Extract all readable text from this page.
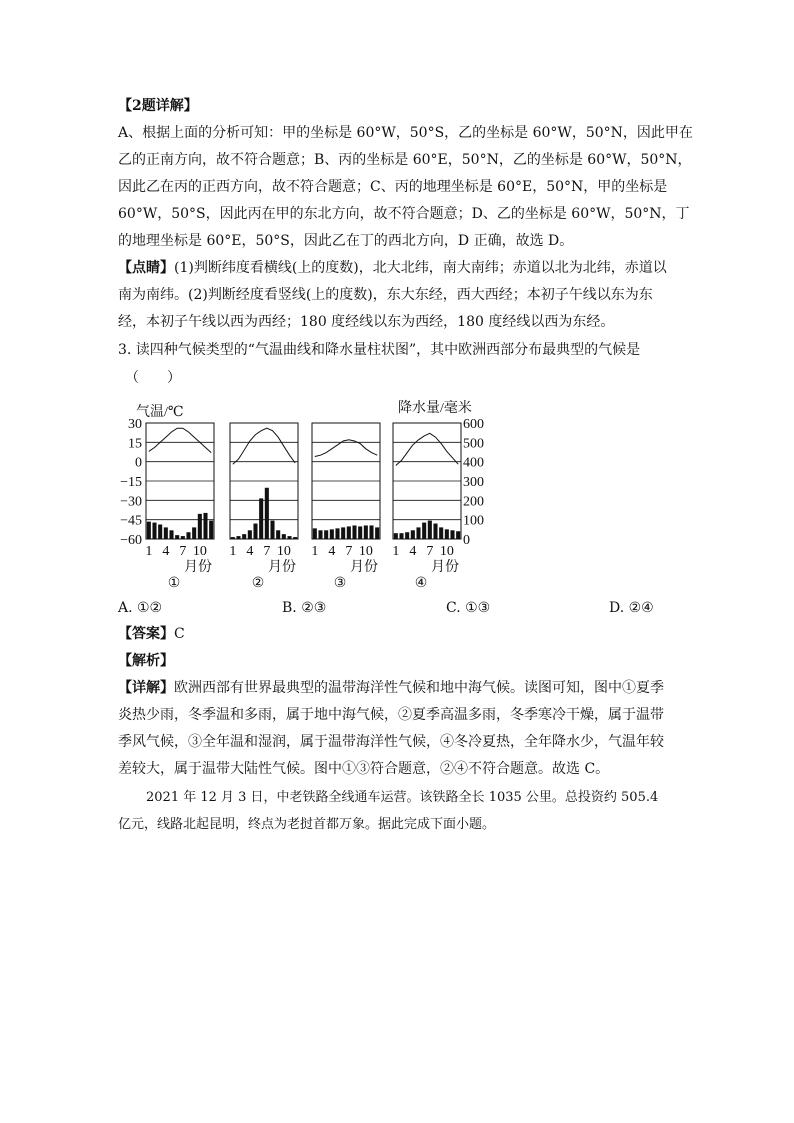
【2题详解】
A、根据上面的分析可知：甲的坐标是 60°W，50°S，乙的坐标是 60°W，50°N，因此甲在
乙的正南方向，故不符合题意；B、丙的坐标是 60°E，50°N，乙的坐标是 60°W，50°N，
因此乙在丙的正西方向，故不符合题意；C、丙的地理坐标是 60°E，50°N，甲的坐标是
60°W，50°S，因此丙在甲的东北方向，故不符合题意；D、乙的坐标是 60°W，50°N，丁
的地理坐标是 60°E，50°S，因此乙在丁的西北方向，D 正确，故选 D。
【点睛】(1)判断纬度看横线(上的度数)，北大北纬，南大南纬；赤道以北为北纬，赤道以
南为南纬。(2)判断经度看竖线(上的度数)，东大东经，西大西经；本初子午线以东为东
经，本初子午线以西为西经；180 度经线以东为西经，180 度经线以西为东经。
3. 读四种气候类型的“气温曲线和降水量柱状图”，其中欧洲西部分布最典型的气候是
（　　）
气温/℃	降水量/毫米
30
15
0
−15
−30
−45
−60
600
500
400
300
200
100
0
1 4 7 10
月份
①
1 4 7 10
月份
②
1 4 7 10
月份
③
1 4 7 10
月份
④
A. ①②	B. ②③	C. ①③	D. ②④
【答案】C
【解析】
【详解】欧洲西部有世界最典型的温带海洋性气候和地中海气候。读图可知，图中①夏季
炎热少雨，冬季温和多雨，属于地中海气候，②夏季高温多雨，冬季寒冷干燥，属于温带
季风气候，③全年温和湿润，属于温带海洋性气候，④冬冷夏热，全年降水少，气温年较
差较大，属于温带大陆性气候。图中①③符合题意，②④不符合题意。故选 C。
2021 年 12 月 3 日，中老铁路全线通车运营。该铁路全长 1035 公里。总投资约 505.4
亿元，线路北起昆明，终点为老挝首都万象。据此完成下面小题。
